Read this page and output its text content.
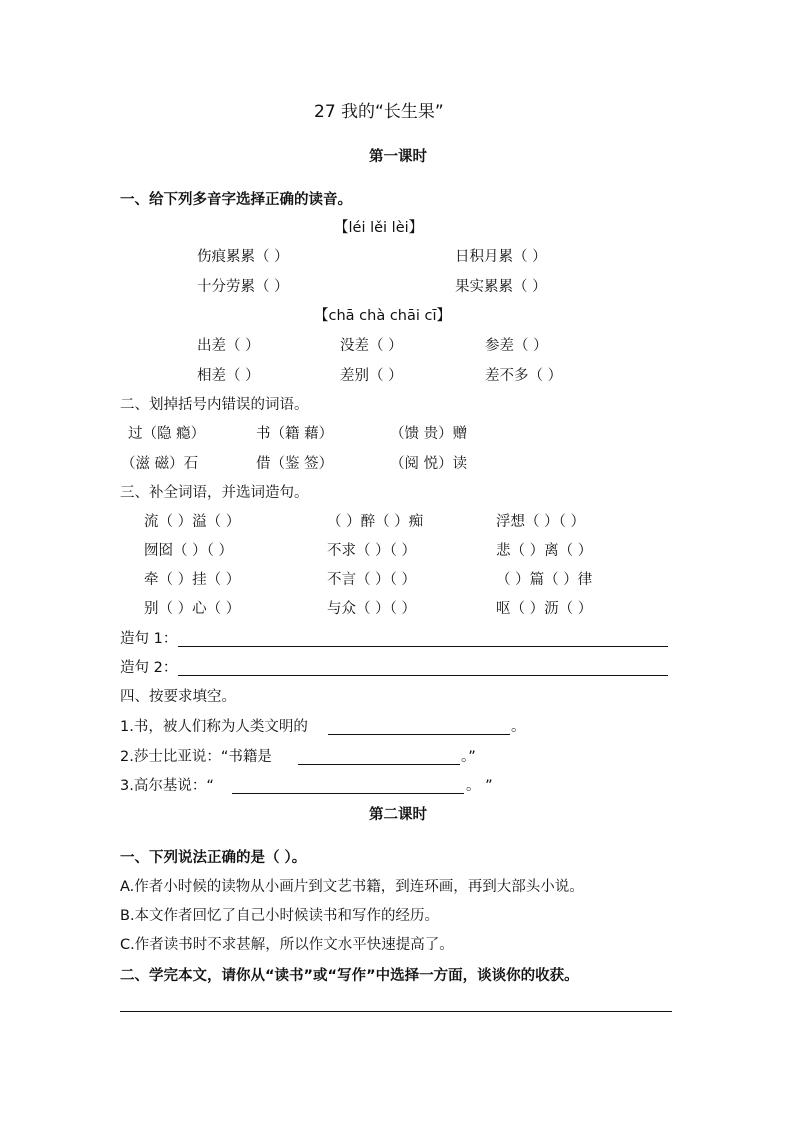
27 我的“长生果”
第一课时
一、给下列多音字选择正确的读音。
【léi lěi lèi】
伤痕累累（ ）	日积月累（ ）
十分劳累（ ）	果实累累（ ）
【chā chà chāi cī】
出差（ ）	没差（ ）	参差（ ）
相差（ ）	差别（ ）	差不多（ ）
二、划掉括号内错误的词语。
过（隐 瘾）	书（籍 藉）	（馈 贵）赠
（滋 磁）石	借（鉴 签）	（阅 悦）读
三、补全词语，并选词造句。
流（ ）溢（ ）	（ ）醉（ ）痴	浮想（ ）（ ）
囫囵（ ）（ ）	不求（ ）（ ）	悲（ ）离（ ）
牵（ ）挂（ ）	不言（ ）（ ）	（ ）篇（ ）律
别（ ）心（ ）	与众（ ）（ ）	呕（ ）沥（ ）
造句 1：
造句 2：
四、按要求填空。
1.书，被人们称为人类文明的	。
2.莎士比亚说：“书籍是	。”
3.高尔基说：“	。 ”
第二课时
一、下列说法正确的是（ ）。
A.作者小时候的读物从小画片到文艺书籍，到连环画，再到大部头小说。
B.本文作者回忆了自己小时候读书和写作的经历。
C.作者读书时不求甚解，所以作文水平快速提高了。
二、学完本文，请你从“读书”或“写作”中选择一方面，谈谈你的收获。
